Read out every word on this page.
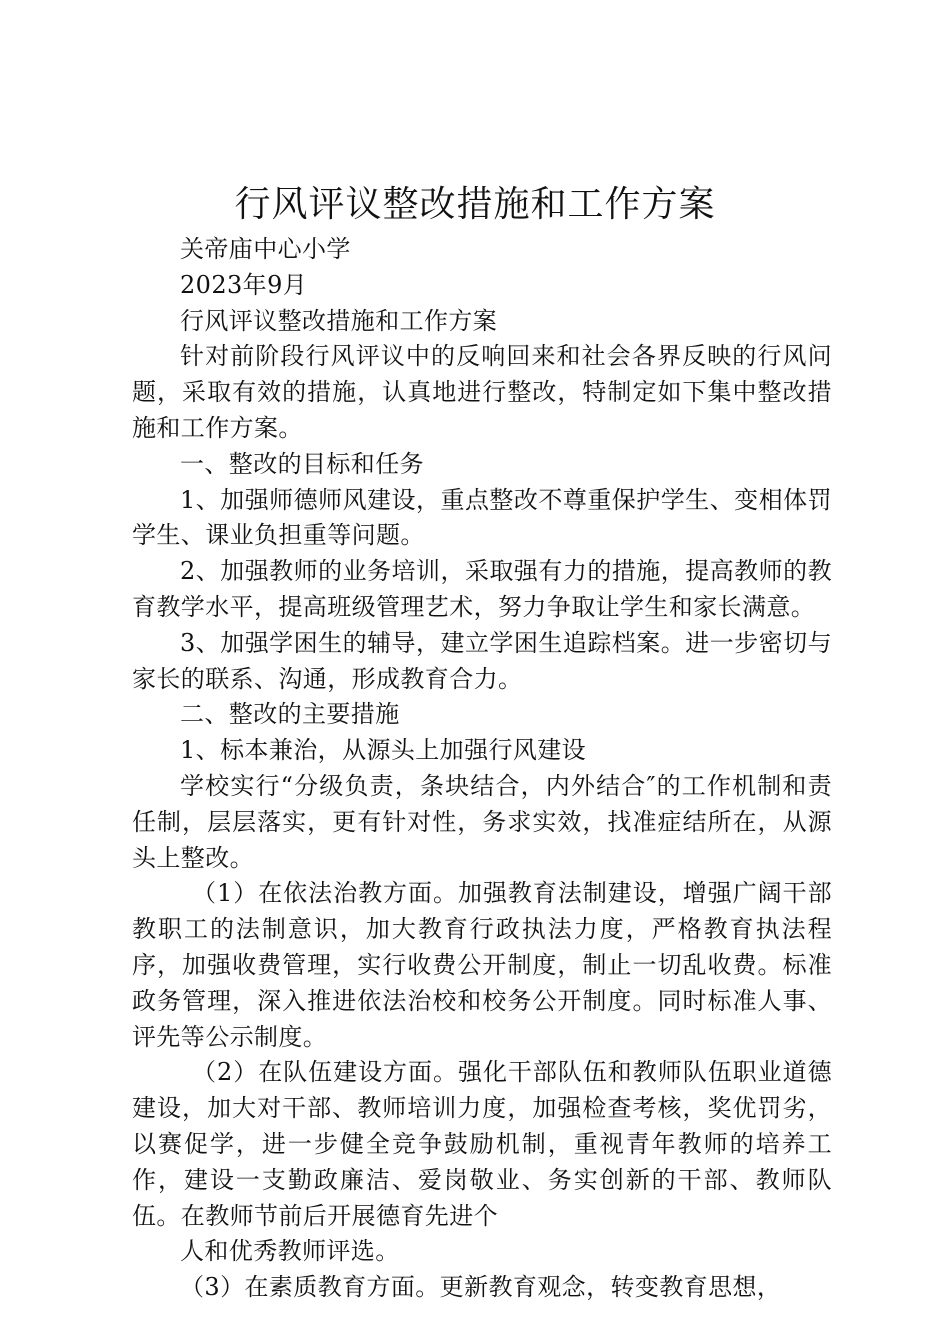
行风评议整改措施和工作方案

关帝庙中心小学

2023年9月

行风评议整改措施和工作方案

针对前阶段行风评议中的反响回来和社会各界反映的行风问题，采取有效的措施，认真地进行整改，特制定如下集中整改措施和工作方案。

一、整改的目标和任务

1、加强师德师风建设，重点整改不尊重保护学生、变相体罚学生、课业负担重等问题。

2、加强教师的业务培训，采取强有力的措施，提高教师的教育教学水平，提高班级管理艺术，努力争取让学生和家长满意。

3、加强学困生的辅导，建立学困生追踪档案。进一步密切与家长的联系、沟通，形成教育合力。

二、整改的主要措施

1、标本兼治，从源头上加强行风建设

学校实行“分级负责，条块结合，内外结合″的工作机制和责任制，层层落实，更有针对性，务求实效，找准症结所在，从源头上整改。

（1）在依法治教方面。加强教育法制建设，增强广阔干部教职工的法制意识，加大教育行政执法力度，严格教育执法程序，加强收费管理，实行收费公开制度，制止一切乱收费。标准政务管理，深入推进依法治校和校务公开制度。同时标准人事、评先等公示制度。

（2）在队伍建设方面。强化干部队伍和教师队伍职业道德建设，加大对干部、教师培训力度，加强检查考核，奖优罚劣，以赛促学，进一步健全竞争鼓励机制，重视青年教师的培养工作，建设一支勤政廉洁、爱岗敬业、务实创新的干部、教师队伍。在教师节前后开展德育先进个

人和优秀教师评选。

（3）在素质教育方面。更新教育观念，转变教育思想，
